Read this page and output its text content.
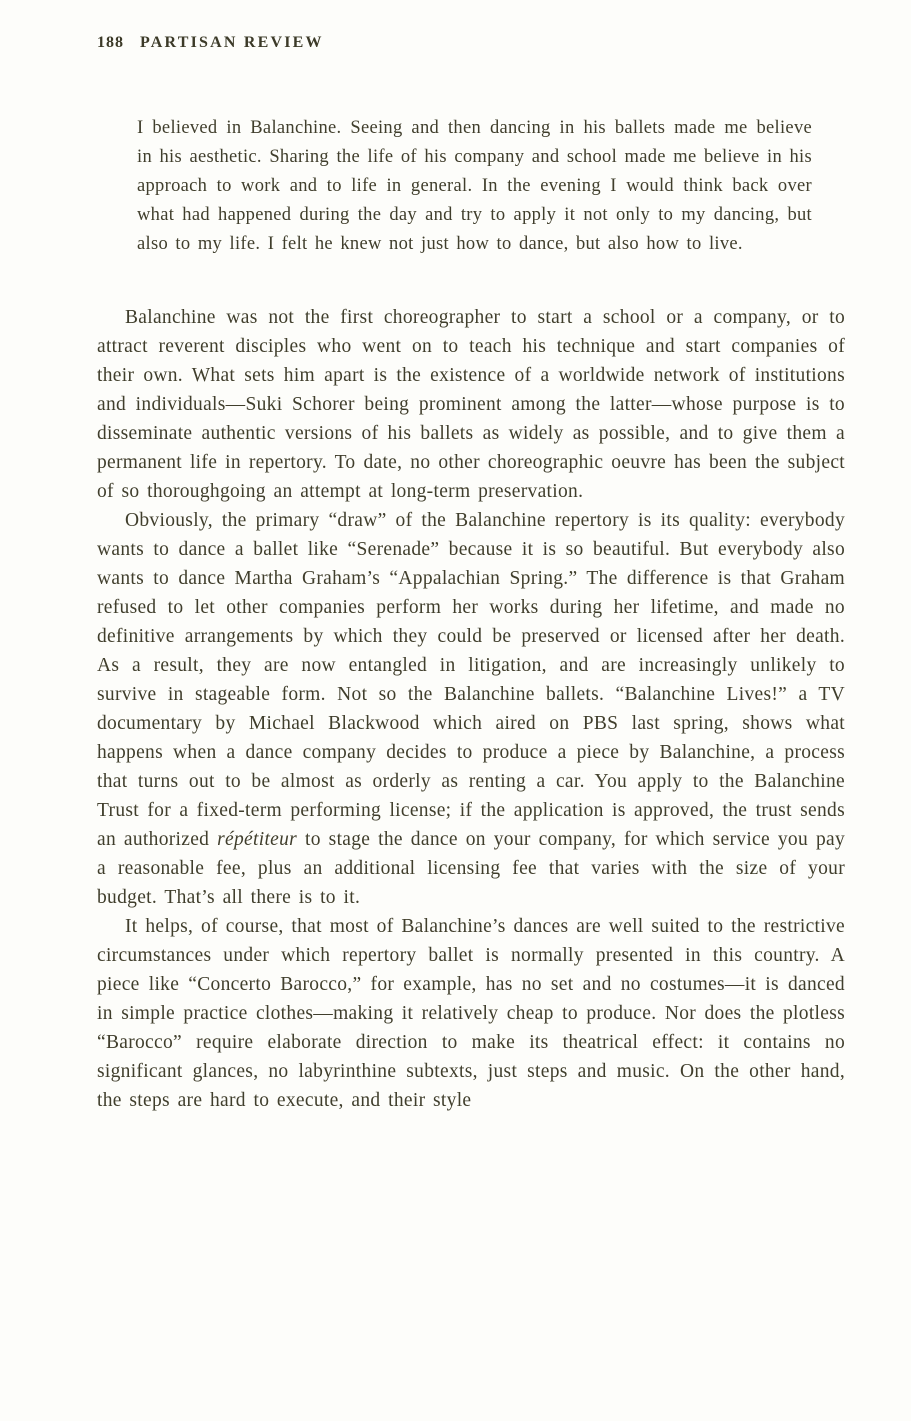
188 PARTISAN REVIEW
I believed in Balanchine. Seeing and then dancing in his ballets made me believe in his aesthetic. Sharing the life of his company and school made me believe in his approach to work and to life in general. In the evening I would think back over what had happened during the day and try to apply it not only to my dancing, but also to my life. I felt he knew not just how to dance, but also how to live.

Balanchine was not the first choreographer to start a school or a company, or to attract reverent disciples who went on to teach his technique and start companies of their own. What sets him apart is the existence of a worldwide network of institutions and individuals—Suki Schorer being prominent among the latter—whose purpose is to disseminate authentic versions of his ballets as widely as possible, and to give them a permanent life in repertory. To date, no other choreographic oeuvre has been the subject of so thoroughgoing an attempt at long-term preservation.

Obviously, the primary “draw” of the Balanchine repertory is its quality: everybody wants to dance a ballet like “Serenade” because it is so beautiful. But everybody also wants to dance Martha Graham’s “Appalachian Spring.” The difference is that Graham refused to let other companies perform her works during her lifetime, and made no definitive arrangements by which they could be preserved or licensed after her death. As a result, they are now entangled in litigation, and are increasingly unlikely to survive in stageable form. Not so the Balanchine ballets. “Balanchine Lives!” a TV documentary by Michael Blackwood which aired on PBS last spring, shows what happens when a dance company decides to produce a piece by Balanchine, a process that turns out to be almost as orderly as renting a car. You apply to the Balanchine Trust for a fixed-term performing license; if the application is approved, the trust sends an authorized répétiteur to stage the dance on your company, for which service you pay a reasonable fee, plus an additional licensing fee that varies with the size of your budget. That’s all there is to it.

It helps, of course, that most of Balanchine’s dances are well suited to the restrictive circumstances under which repertory ballet is normally presented in this country. A piece like “Concerto Barocco,” for example, has no set and no costumes—it is danced in simple practice clothes—making it relatively cheap to produce. Nor does the plotless “Barocco” require elaborate direction to make its theatrical effect: it contains no significant glances, no labyrinthine subtexts, just steps and music. On the other hand, the steps are hard to execute, and their style
